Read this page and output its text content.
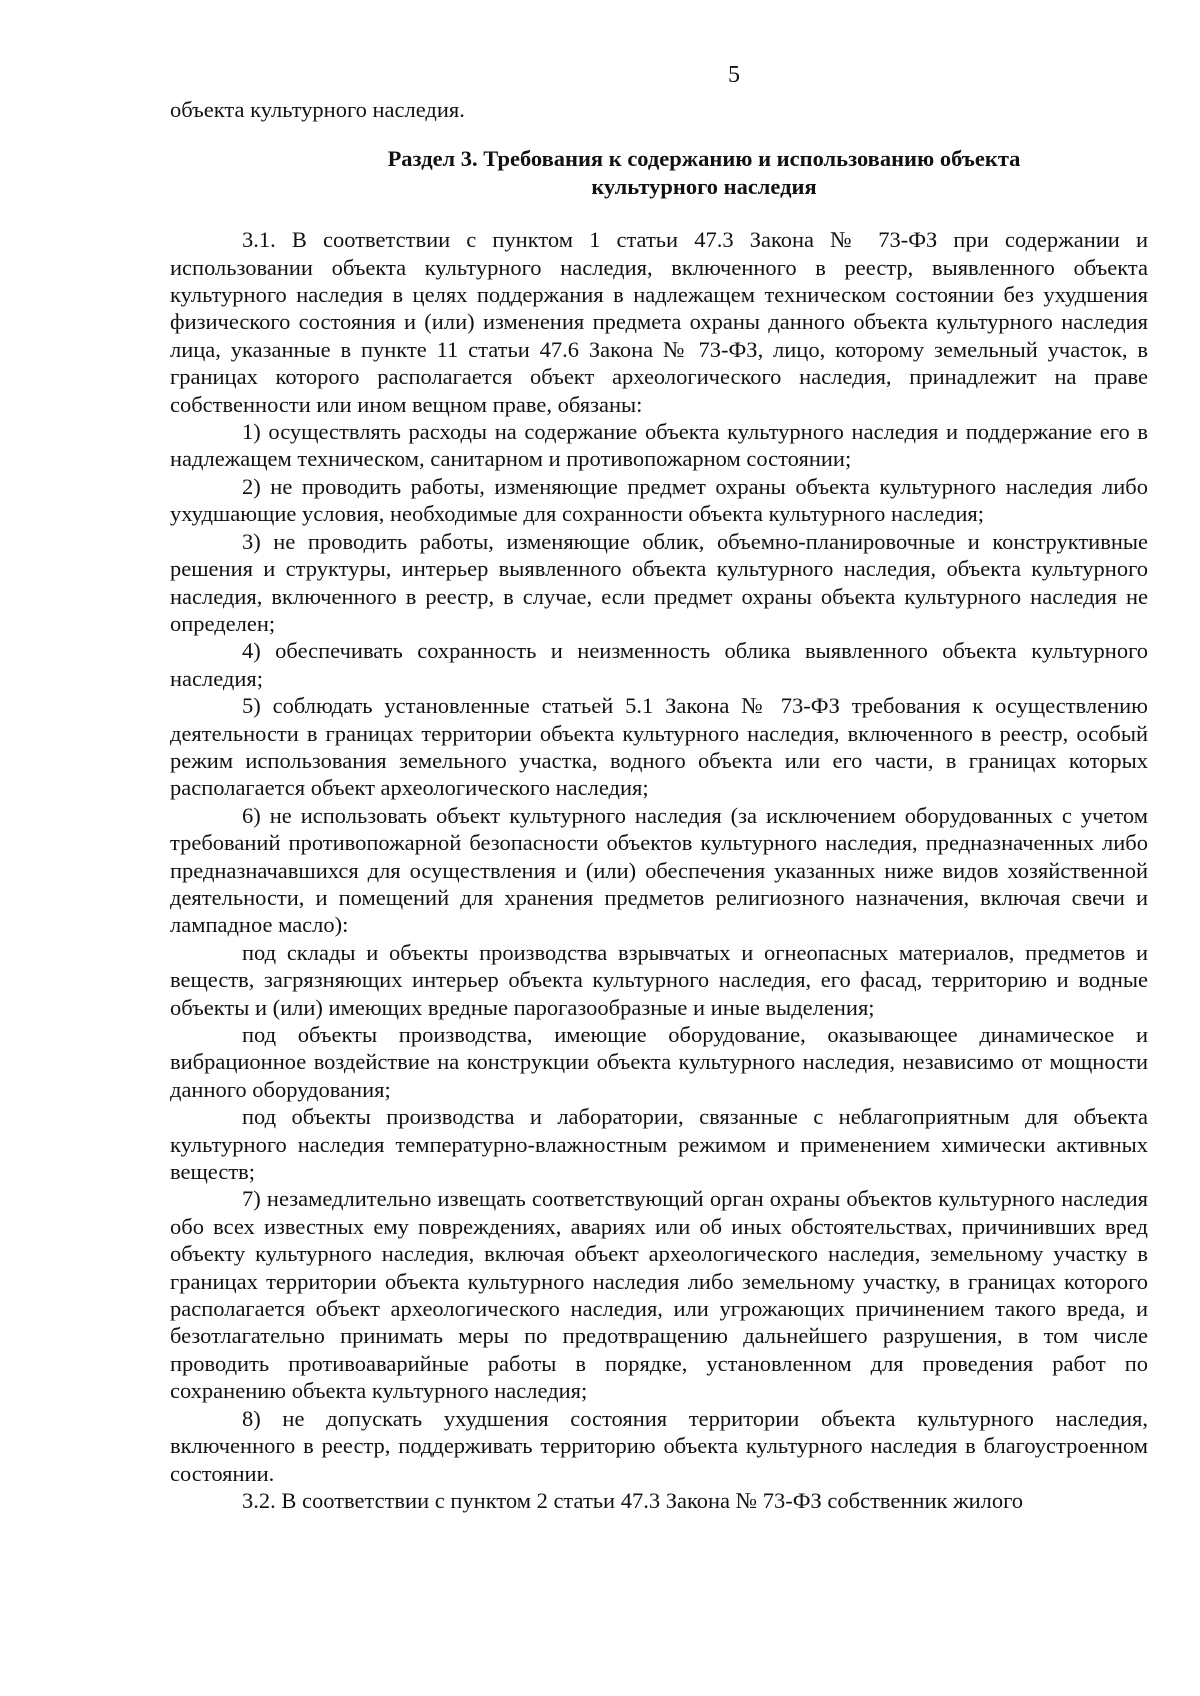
5

объекта культурного наследия.

Раздел 3. Требования к содержанию и использованию объекта
культурного наследия

3.1. В соответствии с пунктом 1 статьи 47.3 Закона № 73-ФЗ при содержании и использовании объекта культурного наследия, включенного в реестр, выявленного объекта культурного наследия в целях поддержания в надлежащем техническом состоянии без ухудшения физического состояния и (или) изменения предмета охраны данного объекта культурного наследия лица, указанные в пункте 11 статьи 47.6 Закона № 73-ФЗ, лицо, которому земельный участок, в границах которого располагается объект археологического наследия, принадлежит на праве собственности или ином вещном праве, обязаны:

1) осуществлять расходы на содержание объекта культурного наследия и поддержание его в надлежащем техническом, санитарном и противопожарном состоянии;

2) не проводить работы, изменяющие предмет охраны объекта культурного наследия либо ухудшающие условия, необходимые для сохранности объекта культурного наследия;

3) не проводить работы, изменяющие облик, объемно-планировочные и конструктивные решения и структуры, интерьер выявленного объекта культурного наследия, объекта культурного наследия, включенного в реестр, в случае, если предмет охраны объекта культурного наследия не определен;

4) обеспечивать сохранность и неизменность облика выявленного объекта культурного наследия;

5) соблюдать установленные статьей 5.1 Закона № 73-ФЗ требования к осуществлению деятельности в границах территории объекта культурного наследия, включенного в реестр, особый режим использования земельного участка, водного объекта или его части, в границах которых располагается объект археологического наследия;

6) не использовать объект культурного наследия (за исключением оборудованных с учетом требований противопожарной безопасности объектов культурного наследия, предназначенных либо предназначавшихся для осуществления и (или) обеспечения указанных ниже видов хозяйственной деятельности, и помещений для хранения предметов религиозного назначения, включая свечи и лампадное масло):

под склады и объекты производства взрывчатых и огнеопасных материалов, предметов и веществ, загрязняющих интерьер объекта культурного наследия, его фасад, территорию и водные объекты и (или) имеющих вредные парогазообразные и иные выделения;

под объекты производства, имеющие оборудование, оказывающее динамическое и вибрационное воздействие на конструкции объекта культурного наследия, независимо от мощности данного оборудования;

под объекты производства и лаборатории, связанные с неблагоприятным для объекта культурного наследия температурно-влажностным режимом и применением химически активных веществ;

7) незамедлительно извещать соответствующий орган охраны объектов культурного наследия обо всех известных ему повреждениях, авариях или об иных обстоятельствах, причинивших вред объекту культурного наследия, включая объект археологического наследия, земельному участку в границах территории объекта культурного наследия либо земельному участку, в границах которого располагается объект археологического наследия, или угрожающих причинением такого вреда, и безотлагательно принимать меры по предотвращению дальнейшего разрушения, в том числе проводить противоаварийные работы в порядке, установленном для проведения работ по сохранению объекта культурного наследия;

8) не допускать ухудшения состояния территории объекта культурного наследия, включенного в реестр, поддерживать территорию объекта культурного наследия в благоустроенном состоянии.

3.2. В соответствии с пунктом 2 статьи 47.3 Закона № 73-ФЗ собственник жилого
